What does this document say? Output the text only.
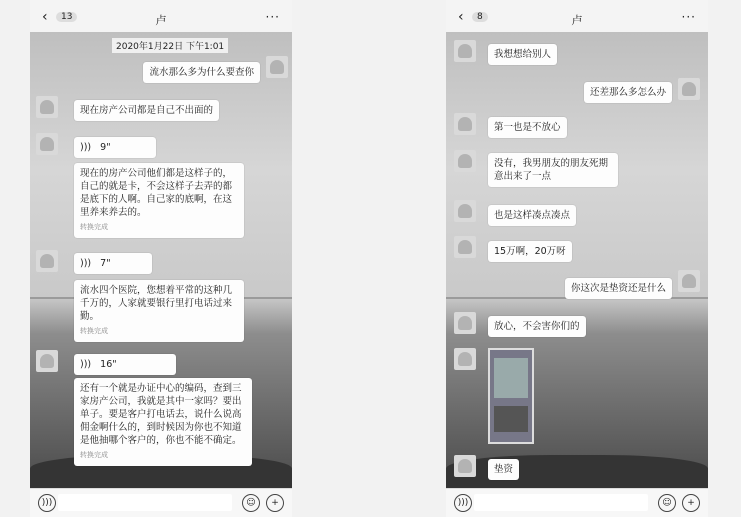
‹	13	卢	···
2020年1月22日 下午1:01
流水那么多为什么要查你
现在房产公司都是自己不出面的
))) 9"
现在的房产公司他们都是这样子的，自己的就是卡，不会这样子去弄的都是底下的人啊。自己家的底啊，在这里养来养去的。
转换完成
))) 7"
流水四个医院，您想着平常的这种几千万的，人家就要银行里打电话过来勤。
转换完成
))) 16"
还有一个就是办证中心的编码，查到三家房产公司，我就是其中一家吗？要出单子。要是客户打电话去，说什么说高佣金啊什么的，到时候因为你也不知道是他抽哪个客户的，你也不能不确定。
转换完成
)))	☺	+
‹	8	卢	···
我想想给别人
还差那么多怎么办
第一也是不放心
没有，我男朋友的朋友死期意出来了一点
也是这样凑点凑点
15万啊，20万呀
你这次是垫资还是什么
放心，不会害你们的
垫资
)))	☺	+
